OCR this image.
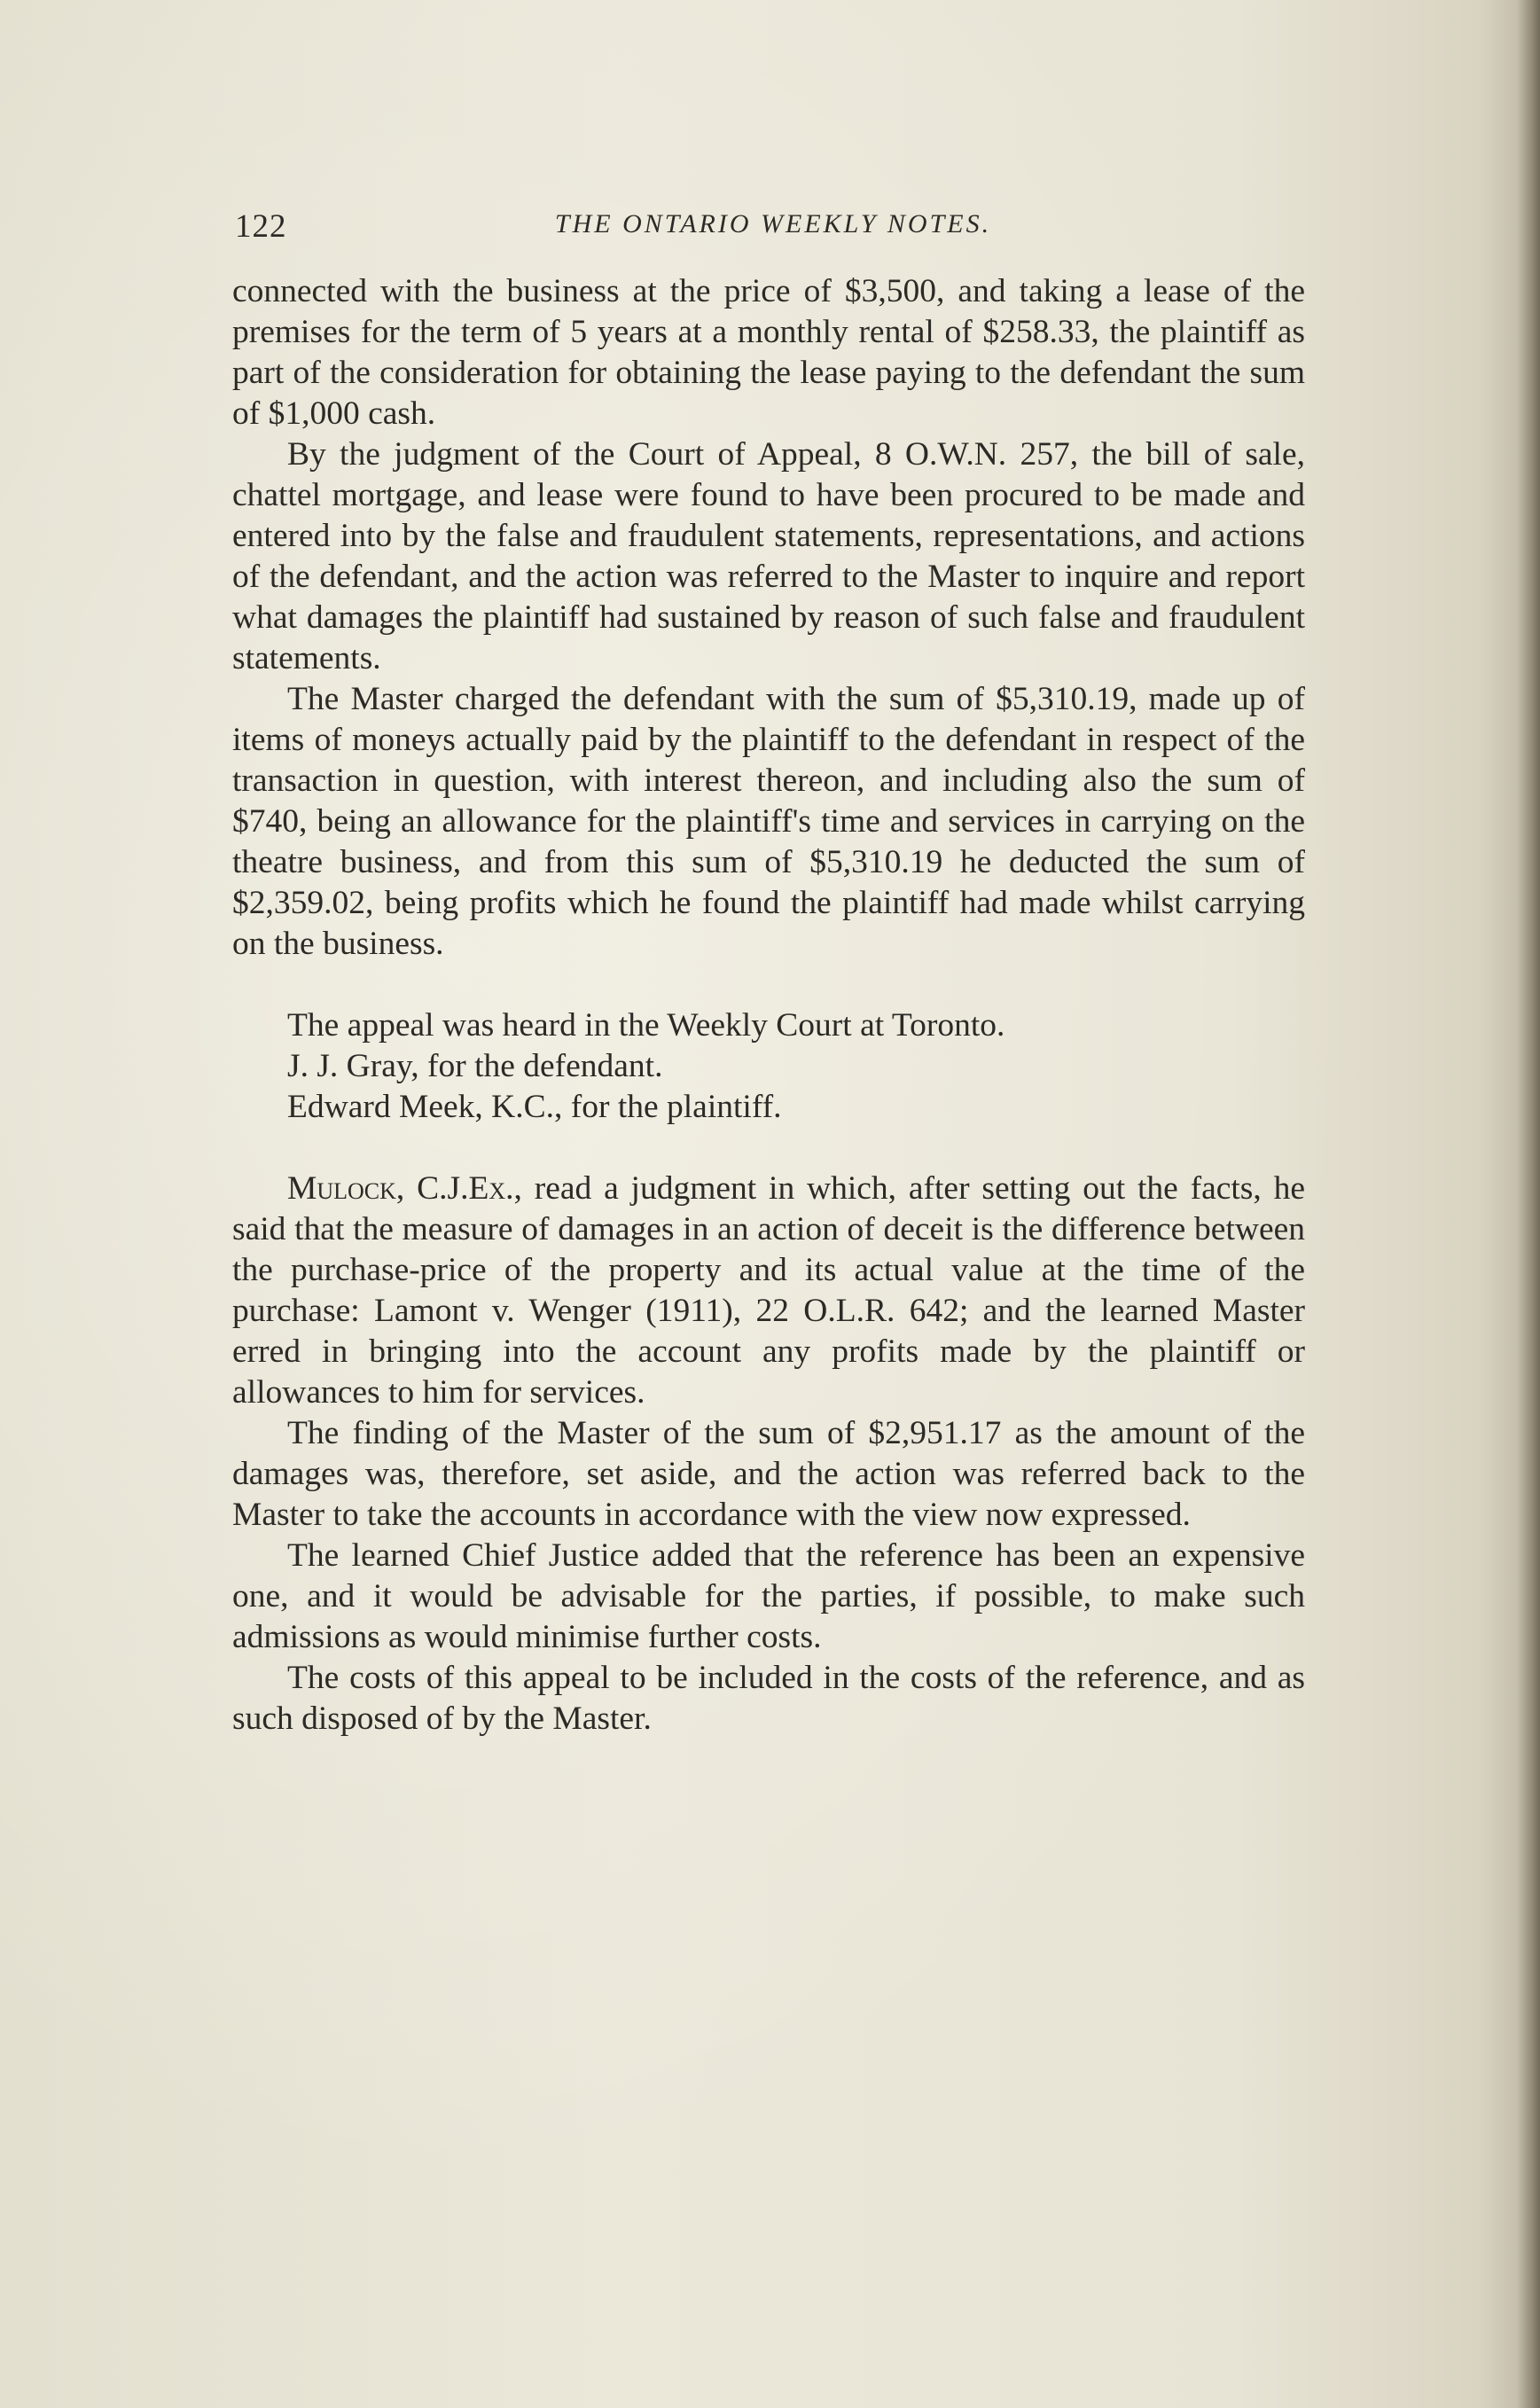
122	THE ONTARIO WEEKLY NOTES.

connected with the business at the price of $3,500, and taking a lease of the premises for the term of 5 years at a monthly rental of $258.33, the plaintiff as part of the consideration for obtaining the lease paying to the defendant the sum of $1,000 cash.

By the judgment of the Court of Appeal, 8 O.W.N. 257, the bill of sale, chattel mortgage, and lease were found to have been procured to be made and entered into by the false and fraudulent statements, representations, and actions of the defendant, and the action was referred to the Master to inquire and report what damages the plaintiff had sustained by reason of such false and fraudulent statements.

The Master charged the defendant with the sum of $5,310.19, made up of items of moneys actually paid by the plaintiff to the defendant in respect of the transaction in question, with interest thereon, and including also the sum of $740, being an allowance for the plaintiff's time and services in carrying on the theatre business, and from this sum of $5,310.19 he deducted the sum of $2,359.02, being profits which he found the plaintiff had made whilst carrying on the business.

The appeal was heard in the Weekly Court at Toronto.

J. J. Gray, for the defendant.

Edward Meek, K.C., for the plaintiff.

Mulock, C.J.Ex., read a judgment in which, after setting out the facts, he said that the measure of damages in an action of deceit is the difference between the purchase-price of the property and its actual value at the time of the purchase: Lamont v. Wenger (1911), 22 O.L.R. 642; and the learned Master erred in bringing into the account any profits made by the plaintiff or allowances to him for services.

The finding of the Master of the sum of $2,951.17 as the amount of the damages was, therefore, set aside, and the action was referred back to the Master to take the accounts in accordance with the view now expressed.

The learned Chief Justice added that the reference has been an expensive one, and it would be advisable for the parties, if possible, to make such admissions as would minimise further costs.

The costs of this appeal to be included in the costs of the reference, and as such disposed of by the Master.
